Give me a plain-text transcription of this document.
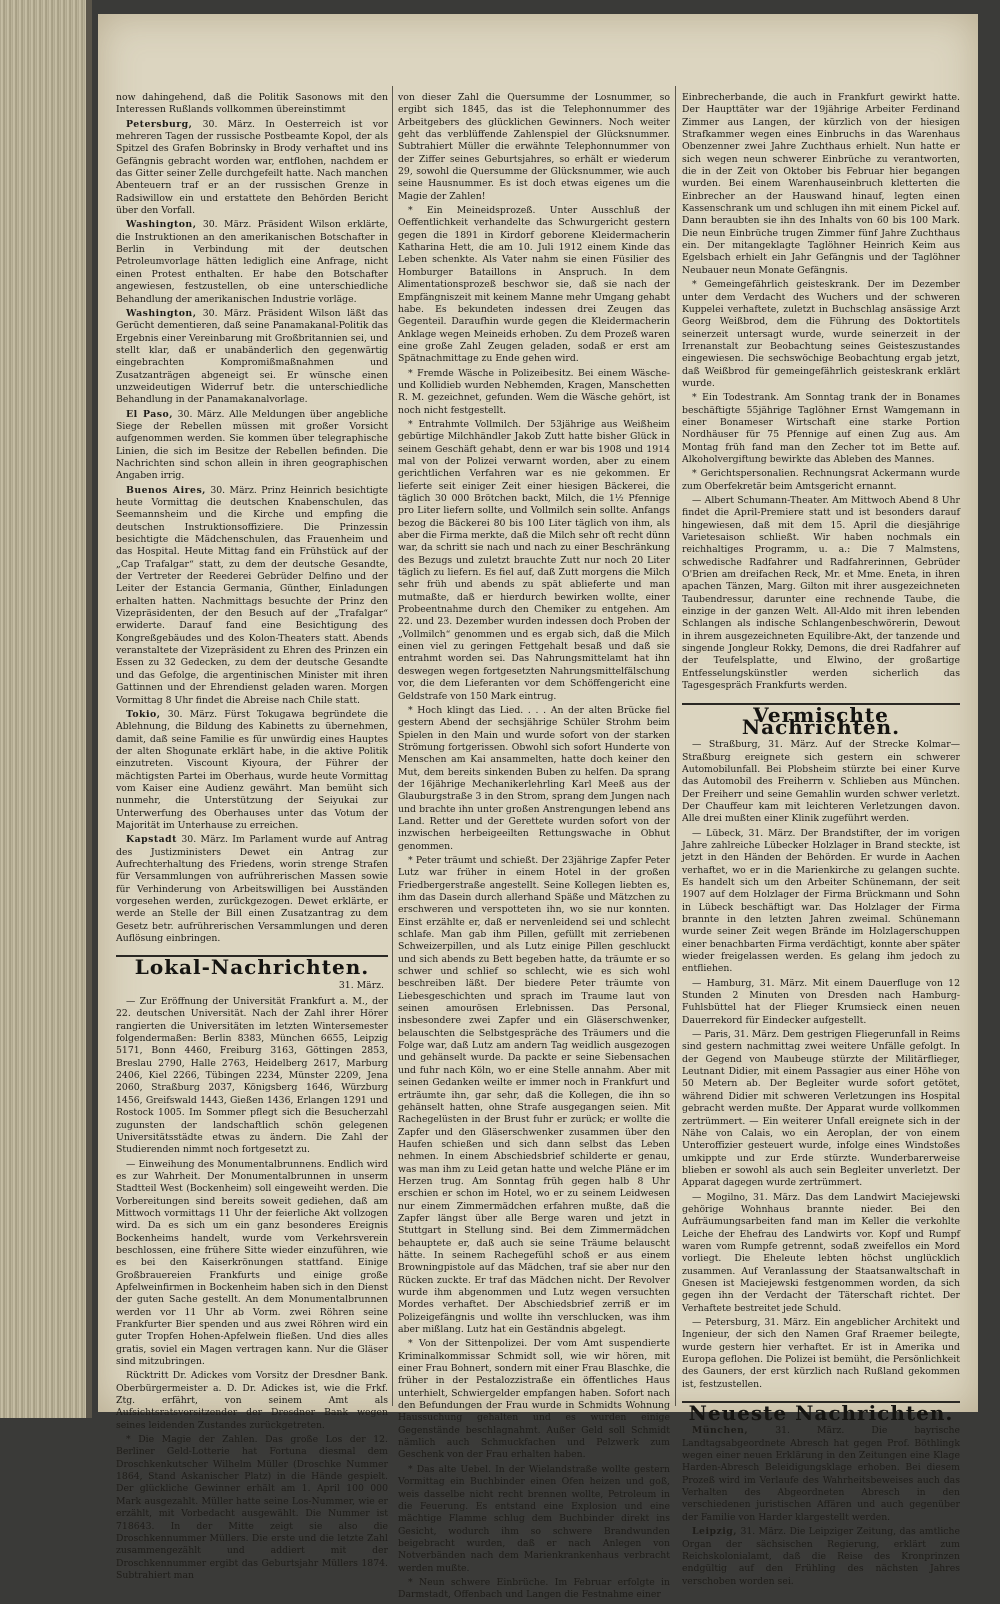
now dahingehend, daß die Politik Sasonows mit den Interessen Rußlands vollkommen übereinstimmt

Petersburg, 30. März. In Oesterreich ist vor mehreren Tagen der russische Postbeamte Kopol, der als Spitzel des Grafen Bobrinsky in Brody verhaftet und ins Gefängnis gebracht worden war, entflohen, nachdem er das Gitter seiner Zelle durchgefeilt hatte. Nach manchen Abenteuern traf er an der russischen Grenze in Radsiwillow ein und erstattete den Behörden Bericht über den Vorfall.

Washington, 30. März. Präsident Wilson erklärte, die Instruktionen an den amerikanischen Botschafter in Berlin in Verbindung mit der deutschen Petroleumvorlage hätten lediglich eine Anfrage, nicht einen Protest enthalten. Er habe den Botschafter angewiesen, festzustellen, ob eine unterschiedliche Behandlung der amerikanischen Industrie vorläge.

Washington, 30. März. Präsident Wilson läßt das Gerücht dementieren, daß seine Panamakanal-Politik das Ergebnis einer Vereinbarung mit Großbritannien sei, und stellt klar, daß er unabänderlich den gegenwärtig eingebrachten Kompromißmaßnahmen und Zusatzanträgen abgeneigt sei. Er wünsche einen unzweideutigen Widerruf betr. die unterschiedliche Behandlung in der Panamakanalvorlage.

El Paso, 30. März. Alle Meldungen über angebliche Siege der Rebellen müssen mit großer Vorsicht aufgenommen werden. Sie kommen über telegraphische Linien, die sich im Besitze der Rebellen befinden. Die Nachrichten sind schon allein in ihren geographischen Angaben irrig.

Buenos Aires, 30. März. Prinz Heinrich besichtigte heute Vormittag die deutschen Knabenschulen, das Seemannsheim und die Kirche und empfing die deutschen Instruktionsoffiziere. Die Prinzessin besichtigte die Mädchenschulen, das Frauenheim und das Hospital. Heute Mittag fand ein Frühstück auf der „Cap Trafalgar“ statt, zu dem der deutsche Gesandte, der Vertreter der Reederei Gebrüder Delfino und der Leiter der Estancia Germania, Günther, Einladungen erhalten hatten. Nachmittags besuchte der Prinz den Vizepräsidenten, der den Besuch auf der „Trafalgar“ erwiderte. Darauf fand eine Besichtigung des Kongreßgebäudes und des Kolon-Theaters statt. Abends veranstaltete der Vizepräsident zu Ehren des Prinzen ein Essen zu 32 Gedecken, zu dem der deutsche Gesandte und das Gefolge, die argentinischen Minister mit ihren Gattinnen und der Ehrendienst geladen waren. Morgen Vormittag 8 Uhr findet die Abreise nach Chile statt.

Tokio, 30. März. Fürst Tokugawa begründete die Ablehnung, die Bildung des Kabinetts zu übernehmen, damit, daß seine Familie es für unwürdig eines Hauptes der alten Shogunate erklärt habe, in die aktive Politik einzutreten. Viscount Kiyoura, der Führer der mächtigsten Partei im Oberhaus, wurde heute Vormittag vom Kaiser eine Audienz gewährt. Man bemüht sich nunmehr, die Unterstützung der Seiyukai zur Unterwerfung des Oberhauses unter das Votum der Majorität im Unterhause zu erreichen.

Kapstadt 30. März. Im Parlament wurde auf Antrag des Justizministers Dewet ein Antrag zur Aufrechterhaltung des Friedens, worin strenge Strafen für Versammlungen von aufrührerischen Massen sowie für Verhinderung von Arbeitswilligen bei Ausständen vorgesehen werden, zurückgezogen. Dewet erklärte, er werde an Stelle der Bill einen Zusatzantrag zu dem Gesetz betr. aufrührerischen Versammlungen und deren Auflösung einbringen.

Lokal-Nachrichten.
31. März.

— Zur Eröffnung der Universität Frankfurt a. M., der 22. deutschen Universität. Nach der Zahl ihrer Hörer rangierten die Universitäten im letzten Wintersemester folgendermaßen: Berlin 8383, München 6655, Leipzig 5171, Bonn 4460, Freiburg 3163, Göttingen 2853, Breslau 2790, Halle 2763, Heidelberg 2617, Marburg 2406, Kiel 2266, Tübingen 2234, Münster 2209, Jena 2060, Straßburg 2037, Königsberg 1646, Würzburg 1456, Greifswald 1443, Gießen 1436, Erlangen 1291 und Rostock 1005. Im Sommer pflegt sich die Besucherzahl zugunsten der landschaftlich schön gelegenen Universitätsstädte etwas zu ändern. Die Zahl der Studierenden nimmt noch fortgesetzt zu.

— Einweihung des Monumentalbrunnens. Endlich wird es zur Wahrheit. Der Monumentalbrunnen in unserm Stadtteil West (Bockenheim) soll eingeweiht werden. Die Vorbereitungen sind bereits soweit gediehen, daß am Mittwoch vormittags 11 Uhr der feierliche Akt vollzogen wird. Da es sich um ein ganz besonderes Ereignis Bockenheims handelt, wurde vom Verkehrsverein beschlossen, eine frühere Sitte wieder einzuführen, wie es bei den Kaiserkrönungen stattfand. Einige Großbrauereien Frankfurts und einige große Apfelweinfirmen in Bockenheim haben sich in den Dienst der guten Sache gestellt. An dem Monumentalbrunnen werden vor 11 Uhr ab Vorm. zwei Röhren seine Frankfurter Bier spenden und aus zwei Röhren wird ein guter Tropfen Hohen-Apfelwein fließen. Und dies alles gratis, soviel ein Magen vertragen kann. Nur die Gläser sind mitzubringen.

Rücktritt Dr. Adickes vom Vorsitz der Dresdner Bank. Oberbürgermeister a. D. Dr. Adickes ist, wie die Frkf. Ztg. erfährt, von seinem Amt als Aufsichtsratsvorsitzender der Dresdner Bank wegen seines leidenden Zustandes zurückgetreten.

* Die Magie der Zahlen. Das große Los der 12. Berliner Geld-Lotterie hat Fortuna diesmal dem Droschkenkutscher Wilhelm Müller (Droschke Nummer 1864, Stand Askanischer Platz) in die Hände gespielt. Der glückliche Gewinner erhält am 1. April 100 000 Mark ausgezahlt. Müller hatte seine Los-Nummer, wie er erzählt, mit Vorbedacht ausgewählt. Die Nummer ist 718643. In der Mitte zeigt sie also die Droschkennummer Müllers. Die erste und die letzte Zahl zusammengezählt und addiert mit der Droschkennummer ergibt das Geburtsjahr Müllers 1874. Subtrahiert man

von dieser Zahl die Quersumme der Losnummer, so ergibt sich 1845, das ist die Telephonnummer des Arbeitgebers des glücklichen Gewinners. Noch weiter geht das verblüffende Zahlenspiel der Glücksnummer. Subtrahiert Müller die erwähnte Telephonnummer von der Ziffer seines Geburtsjahres, so erhält er wiederum 29, sowohl die Quersumme der Glücksnummer, wie auch seine Hausnummer. Es ist doch etwas eigenes um die Magie der Zahlen!

* Ein Meineidsprozeß. Unter Ausschluß der Oeffentlichkeit verhandelte das Schwurgericht gestern gegen die 1891 in Kirdorf geborene Kleidermacherin Katharina Hett, die am 10. Juli 1912 einem Kinde das Leben schenkte. Als Vater nahm sie einen Füsilier des Homburger Bataillons in Anspruch. In dem Alimentationsprozeß beschwor sie, daß sie nach der Empfängniszeit mit keinem Manne mehr Umgang gehabt habe. Es bekundeten indessen drei Zeugen das Gegenteil. Daraufhin wurde gegen die Kleidermacherin Anklage wegen Meineids erhoben. Zu dem Prozeß waren eine große Zahl Zeugen geladen, sodaß er erst am Spätnachmittage zu Ende gehen wird.

* Fremde Wäsche in Polizeibesitz. Bei einem Wäsche- und Kollidieb wurden Nebhemden, Kragen, Manschetten R. M. gezeichnet, gefunden. Wem die Wäsche gehört, ist noch nicht festgestellt.

* Entrahmte Vollmilch. Der 53jährige aus Weißheim gebürtige Milchhändler Jakob Zutt hatte bisher Glück in seinem Geschäft gehabt, denn er war bis 1908 und 1914 mal von der Polizei verwarnt worden, aber zu einem gerichtlichen Verfahren war es nie gekommen. Er lieferte seit einiger Zeit einer hiesigen Bäckerei, die täglich 30 000 Brötchen backt, Milch, die 1½ Pfennige pro Liter liefern sollte, und Vollmilch sein sollte. Anfangs bezog die Bäckerei 80 bis 100 Liter täglich von ihm, als aber die Firma merkte, daß die Milch sehr oft recht dünn war, da schritt sie nach und nach zu einer Beschränkung des Bezugs und zuletzt brauchte Zutt nur noch 20 Liter täglich zu liefern. Es fiel auf, daß Zutt morgens die Milch sehr früh und abends zu spät ablieferte und man mutmaßte, daß er hierdurch bewirken wollte, einer Probeentnahme durch den Chemiker zu entgehen. Am 22. und 23. Dezember wurden indessen doch Proben der „Vollmilch“ genommen und es ergab sich, daß die Milch einen viel zu geringen Fettgehalt besaß und daß sie entrahmt worden sei. Das Nahrungsmittelamt hat ihn deswegen wegen fortgesetzten Nahrungsmittelfälschung vor, die dem Lieferanten vor dem Schöffengericht eine Geldstrafe von 150 Mark eintrug.

* Hoch klingt das Lied. . . . An der alten Brücke fiel gestern Abend der sechsjährige Schüler Strohm beim Spielen in den Main und wurde sofort von der starken Strömung fortgerissen. Obwohl sich sofort Hunderte von Menschen am Kai ansammelten, hatte doch keiner den Mut, dem bereits sinkenden Buben zu helfen. Da sprang der 16jährige Mechanikerlehrling Karl Meeß aus der Glauburgstraße 3 in den Strom, sprang dem Jungen nach und brachte ihn unter großen Anstrengungen lebend ans Land. Retter und der Gerettete wurden sofort von der inzwischen herbeigeeilten Rettungswache in Obhut genommen.

* Peter träumt und schießt. Der 23jährige Zapfer Peter Lutz war früher in einem Hotel in der großen Friedbergerstraße angestellt. Seine Kollegen liebten es, ihm das Dasein durch allerhand Späße und Mätzchen zu erschweren und verspotteten ihn, wo sie nur konnten. Einst erzählte er, daß er nervenleidend sei und schlecht schlafe. Man gab ihm Pillen, gefüllt mit zerriebenen Schweizerpillen, und als Lutz einige Pillen geschluckt und sich abends zu Bett begeben hatte, da träumte er so schwer und schlief so schlecht, wie es sich wohl beschreiben läßt. Der biedere Peter träumte von Liebesgeschichten und sprach im Traume laut von seinen amourösen Erlebnissen. Das Personal, insbesondere zwei Zapfer und ein Gläserschwenker, belauschten die Selbstgespräche des Träumers und die Folge war, daß Lutz am andern Tag weidlich ausgezogen und gehänselt wurde. Da packte er seine Siebensachen und fuhr nach Köln, wo er eine Stelle annahm. Aber mit seinen Gedanken weilte er immer noch in Frankfurt und erträumte ihn, gar sehr, daß die Kollegen, die ihn so gehänselt hatten, ohne Strafe ausgegangen seien. Mit Rachegelüsten in der Brust fuhr er zurück; er wollte die Zapfer und den Gläserschwenker zusammen über den Haufen schießen und sich dann selbst das Leben nehmen. In einem Abschiedsbrief schilderte er genau, was man ihm zu Leid getan hatte und welche Pläne er im Herzen trug. Am Sonntag früh gegen halb 8 Uhr erschien er schon im Hotel, wo er zu seinem Leidwesen nur einem Zimmermädchen erfahren mußte, daß die Zapfer längst über alle Berge waren und jetzt in Stuttgart in Stellung sind. Bei dem Zimmermädchen behauptete er, daß auch sie seine Träume belauscht hätte. In seinem Rachegefühl schoß er aus einem Browningpistole auf das Mädchen, traf sie aber nur den Rücken zuckte. Er traf das Mädchen nicht. Der Revolver wurde ihm abgenommen und Lutz wegen versuchten Mordes verhaftet. Der Abschiedsbrief zerriß er im Polizeigefängnis und wollte ihn verschlucken, was ihm aber mißlang. Lutz hat ein Geständnis abgelegt.

* Von der Sittenpolizei. Der vom Amt suspendierte Kriminalkommissar Schmidt soll, wie wir hören, mit einer Frau Bohnert, sondern mit einer Frau Blaschke, die früher in der Pestalozzistraße ein öffentliches Haus unterhielt, Schwiergelder empfangen haben. Sofort nach den Befundungen der Frau wurde in Schmidts Wohnung Haussuchung gehalten und es wurden einige Gegenstände beschlagnahmt. Außer Geld soll Schmidt nämlich auch Schmuckfachen und Pelzwerk zum Geschenk von der Frau erhalten haben.

* Das alte Uebel. In der Wielandstraße wollte gestern Vormittag ein Buchbinder einen Ofen heizen und goß, weis dasselbe nicht recht brennen wollte, Petroleum in die Feuerung. Es entstand eine Explosion und eine mächtige Flamme schlug dem Buchbinder direkt ins Gesicht, wodurch ihm so schwere Brandwunden beigebracht wurden, daß er nach Anlegen von Notverbänden nach dem Marienkrankenhaus verbracht werden mußte.

* Neun schwere Einbrüche. Im Februar erfolgte in Darmstadt, Offenbach und Langen die Festnahme einer

Einbrecherbande, die auch in Frankfurt gewirkt hatte. Der Haupttäter war der 19jährige Arbeiter Ferdinand Zimmer aus Langen, der kürzlich von der hiesigen Strafkammer wegen eines Einbruchs in das Warenhaus Obenzenner zwei Jahre Zuchthaus erhielt. Nun hatte er sich wegen neun schwerer Einbrüche zu verantworten, die in der Zeit von Oktober bis Februar hier begangen wurden. Bei einem Warenhauseinbruch kletterten die Einbrecher an der Hauswand hinauf, legten einen Kassenschrank um und schlugen ihn mit einem Pickel auf. Dann beraubten sie ihn des Inhalts von 60 bis 100 Mark. Die neun Einbrüche trugen Zimmer fünf Jahre Zuchthaus ein. Der mitangeklagte Taglöhner Heinrich Keim aus Egelsbach erhielt ein Jahr Gefängnis und der Taglöhner Neubauer neun Monate Gefängnis.

* Gemeingefährlich geisteskrank. Der im Dezember unter dem Verdacht des Wuchers und der schweren Kuppelei verhaftete, zuletzt in Buchschlag ansässige Arzt Georg Weißbrod, dem die Führung des Doktortitels seinerzeit untersagt wurde, wurde seinerzeit in der Irrenanstalt zur Beobachtung seines Geisteszustandes eingewiesen. Die sechswöchige Beobachtung ergab jetzt, daß Weißbrod für gemeingefährlich geisteskrank erklärt wurde.

* Ein Todestrank. Am Sonntag trank der in Bonames beschäftigte 55jährige Taglöhner Ernst Wamgemann in einer Bonameser Wirtschaft eine starke Portion Nordhäuser für 75 Pfennige auf einen Zug aus. Am Montag früh fand man den Zecher tot im Bette auf. Alkoholvergiftung bewirkte das Ableben des Mannes.

* Gerichtspersonalien. Rechnungsrat Ackermann wurde zum Oberfekretär beim Amtsgericht ernannt.

— Albert Schumann-Theater. Am Mittwoch Abend 8 Uhr findet die April-Premiere statt und ist besonders darauf hingewiesen, daß mit dem 15. April die diesjährige Varietesaison schließt. Wir haben nochmals ein reichhaltiges Programm, u. a.: Die 7 Malmstens, schwedische Radfahrer und Radfahrerinnen, Gebrüder O'Brien am dreifachen Reck, Mr. et Mme. Eneta, in ihren apachen Tänzen, Marg. Gilton mit ihrer ausgezeichneten Taubendressur, darunter eine rechnende Taube, die einzige in der ganzen Welt. All-Aldo mit ihren lebenden Schlangen als indische Schlangenbeschwörerin, Dewout in ihrem ausgezeichneten Equilibre-Akt, der tanzende und singende Jongleur Rokky, Demons, die drei Radfahrer auf der Teufelsplatte, und Elwino, der großartige Entfesselungskünstler werden sicherlich das Tagesgespräch Frankfurts werden.

Vermischte Nachrichten.

— Straßburg, 31. März. Auf der Strecke Kolmar—Straßburg ereignete sich gestern ein schwerer Automobilunfall. Bei Plobsheim stürzte bei einer Kurve das Automobil des Freiherrn v. Schlieben aus München. Der Freiherr und seine Gemahlin wurden schwer verletzt. Der Chauffeur kam mit leichteren Verletzungen davon. Alle drei mußten einer Klinik zugeführt werden.

— Lübeck, 31. März. Der Brandstifter, der im vorigen Jahre zahlreiche Lübecker Holzlager in Brand steckte, ist jetzt in den Händen der Behörden. Er wurde in Aachen verhaftet, wo er in die Marienkirche zu gelangen suchte. Es handelt sich um den Arbeiter Schünemann, der seit 1907 auf dem Holzlager der Firma Brückmann und Sohn in Lübeck beschäftigt war. Das Holzlager der Firma brannte in den letzten Jahren zweimal. Schünemann wurde seiner Zeit wegen Brände im Holzlagerschuppen einer benachbarten Firma verdächtigt, konnte aber später wieder freigelassen werden. Es gelang ihm jedoch zu entfliehen.

— Hamburg, 31. März. Mit einem Dauerfluge von 12 Stunden 2 Minuten von Dresden nach Hamburg-Fuhlsbüttel hat der Flieger Krumsieck einen neuen Dauerrekord für Eindecker aufgestellt.

— Paris, 31. März. Dem gestrigen Fliegerunfall in Reims sind gestern nachmittag zwei weitere Unfälle gefolgt. In der Gegend von Maubeuge stürzte der Militärflieger, Leutnant Didier, mit einem Passagier aus einer Höhe von 50 Metern ab. Der Begleiter wurde sofort getötet, während Didier mit schweren Verletzungen ins Hospital gebracht werden mußte. Der Apparat wurde vollkommen zertrümmert. — Ein weiterer Unfall ereignete sich in der Nähe von Calais, wo ein Aeroplan, der von einem Unteroffizier gesteuert wurde, infolge eines Windstoßes umkippte und zur Erde stürzte. Wunderbarerweise blieben er sowohl als auch sein Begleiter unverletzt. Der Apparat dagegen wurde zertrümmert.

— Mogilno, 31. März. Das dem Landwirt Maciejewski gehörige Wohnhaus brannte nieder. Bei den Aufräumungsarbeiten fand man im Keller die verkohlte Leiche der Ehefrau des Landwirts vor. Kopf und Rumpf waren vom Rumpfe getrennt, sodaß zweifellos ein Mord vorliegt. Die Eheleute lebten höchst unglücklich zusammen. Auf Veranlassung der Staatsanwaltschaft in Gnesen ist Maciejewski festgenommen worden, da sich gegen ihn der Verdacht der Täterschaft richtet. Der Verhaftete bestreitet jede Schuld.

— Petersburg, 31. März. Ein angeblicher Architekt und Ingenieur, der sich den Namen Graf Rraemer beilegte, wurde gestern hier verhaftet. Er ist in Amerika und Europa geflohen. Die Polizei ist bemüht, die Persönlichkeit des Gauners, der erst kürzlich nach Rußland gekommen ist, festzustellen.

Neueste Nachrichten.

München,	31. März. Die bayrische Landtagsabgeordnete Abresch hat gegen Prof. Böthlingk wegen einer neuen Erklärung in den Zeitungen eine Klage Harden-Abresch Beleidigungsklage erhoben. Bei diesem Prozeß wird im Verlaufe des Wahrheitsbeweises auch das Verhalten des Abgeordneten Abresch in den verschiedenen juristischen Affären und auch gegenüber der Familie von Harder klargestellt werden.

Leipzig, 31. März. Die Leipziger Zeitung, das amtliche Organ der sächsischen Regierung, erklärt zum Reichskolonialamt, daß die Reise des Kronprinzen endgültig auf den Frühling des nächsten Jahres verschoben worden sei.
